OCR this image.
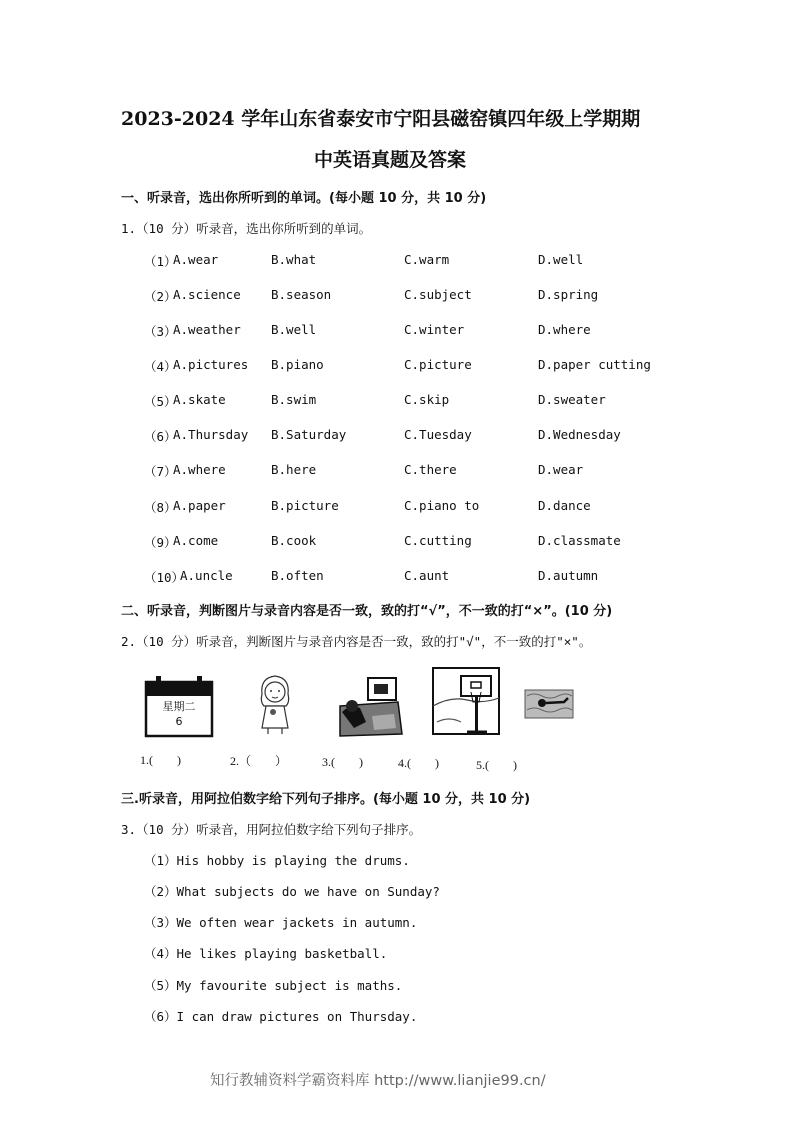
2023-2024 学年山东省泰安市宁阳县磁窑镇四年级上学期期
中英语真题及答案
一、听录音，选出你所听到的单词。(每小题 10 分，共 10 分)
1.（10 分）听录音，选出你所听到的单词。
（1）
A.wear	B.what	C.warm	D.well
（2）
A.science B.season	C.subject	D.spring
（3）
A.weather B.well	C.winter	D.where
（4）
A.pictures B.piano	C.picture	D.paper cutting
（5）
A.skate	B.swim	C.skip	D.sweater
（6）
A.Thursday B.Saturday	C.Tuesday	D.Wednesday
（7）
A.where	B.here	C.there	D.wear
（8）
A.paper	B.picture	C.piano to	D.dance
（9）
A.come	B.cook	C.cutting	D.classmate
（10）
A.uncle	B.often	C.aunt	D.autumn
二、听录音，判断图片与录音内容是否一致，致的打“√”，不一致的打“×”。(10 分)
2.（10 分）听录音，判断图片与录音内容是否一致，致的打"√"，不一致的打"×"。
星期二
6
1.(　　)	2.（　　）	3.(　　)	4.(　　)	5.(　　)
三.听录音，用阿拉伯数字给下列句子排序。(每小题 10 分，共 10 分)
3.（10 分）听录音，用阿拉伯数字给下列句子排序。
（1）His hobby is playing the drums.
（2）What subjects do we have on Sunday?
（3）We often wear jackets in autumn.
（4）He likes playing basketball.
（5）My favourite subject is maths.
（6）I can draw pictures on Thursday.
知行教辅资料学霸资料库 http://www.lianjie99.cn/
